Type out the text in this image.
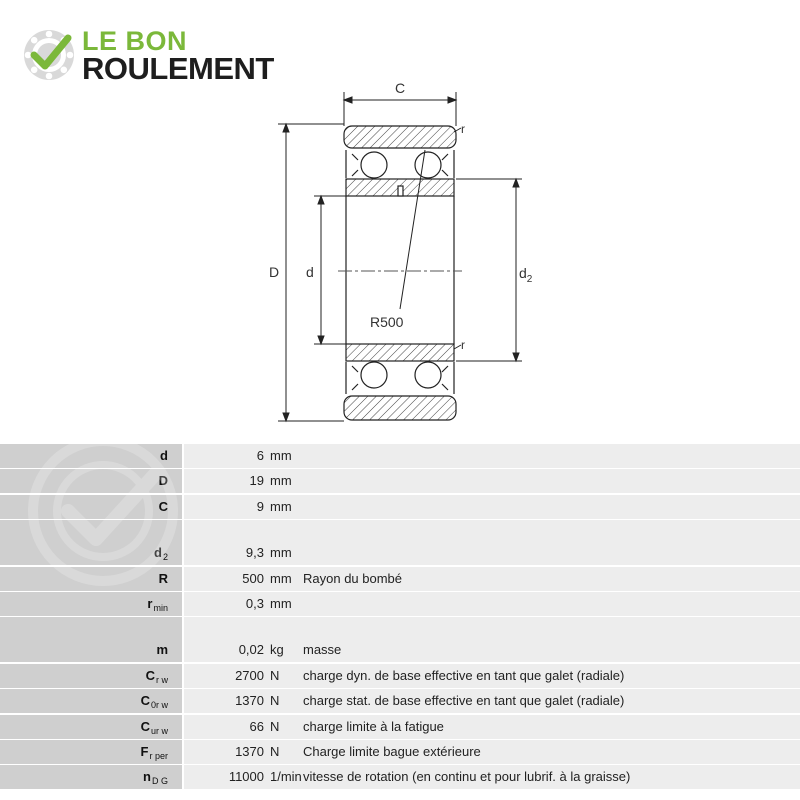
LE BON
ROULEMENT
C
D d	$d_2$
R500
r
r
d	6 mm
D	19 mm
C	9 mm
$d_2$	9,3 mm
R	500 mm Rayon du bombé
$r_{min}$	0,3 mm
m	0,02 kg masse
$C_{r w}$	2700 N charge dyn. de base effective en tant que galet (radiale)
$C_{0r w}$	1370 N charge stat. de base effective en tant que galet (radiale)
$C_{ur w}$	66 N charge limite à la fatigue
$F_{r per}$	1370 N Charge limite bague extérieure
$n_{D G}$	11000 1/min vitesse de rotation (en continu et pour lubrif. à la graisse)
